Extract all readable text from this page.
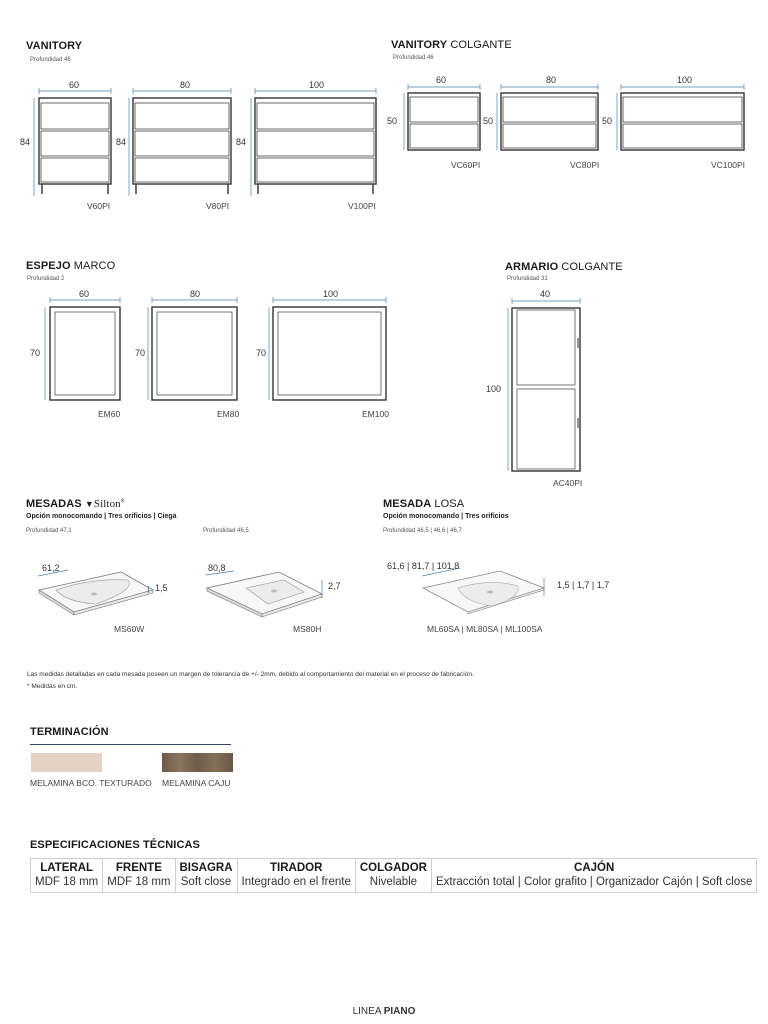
VANITORY
Profundidad 46
60
84
V60PI
80
84
V80PI
100
84
V100PI
VANITORY COLGANTE
Profundidad 46
60
50
VC60PI
80
50
VC80PI
100
50
VC100PI
ESPEJO MARCO
Profundidad 2
60
70
EM60
80
70
EM80
100
70
EM100
ARMARIO COLGANTE
Profundidad 31
40
100
AC40PI
MESADAS ▼Silton®
Opción monocomando | Tres orificios | Ciega
Profundidad 47,1	Profundidad 46,5
61,2
I 1,5
MS60W
80,8
2,7
MS80H
MESADA LOSA
Opción monocomando | Tres orificios
Profundidad 46,5 | 46,6 | 46,7
61,6 | 81,7 | 101,8
1,5 | 1,7 | 1,7
ML60SA | ML80SA | ML100SA
Las medidas detalladas en cada mesada poseen un margen de tolerancia de +/- 2mm, debido al comportamiento del material en el proceso de fabricación.
* Medidas en cm.
TERMINACIÓN
MELAMINA BCO. TEXTURADO MELAMINA CAJU
ESPECIFICACIONES TÉCNICAS
LATERAL	FRENTE	BISAGRA	TIRADOR	COLGADOR	CAJÓN
MDF 18 mm	MDF 18 mm	Soft close	Integrado en el frente	Nivelable	Extracción total | Color grafito | Organizador Cajón | Soft close
LINEA PIANO
